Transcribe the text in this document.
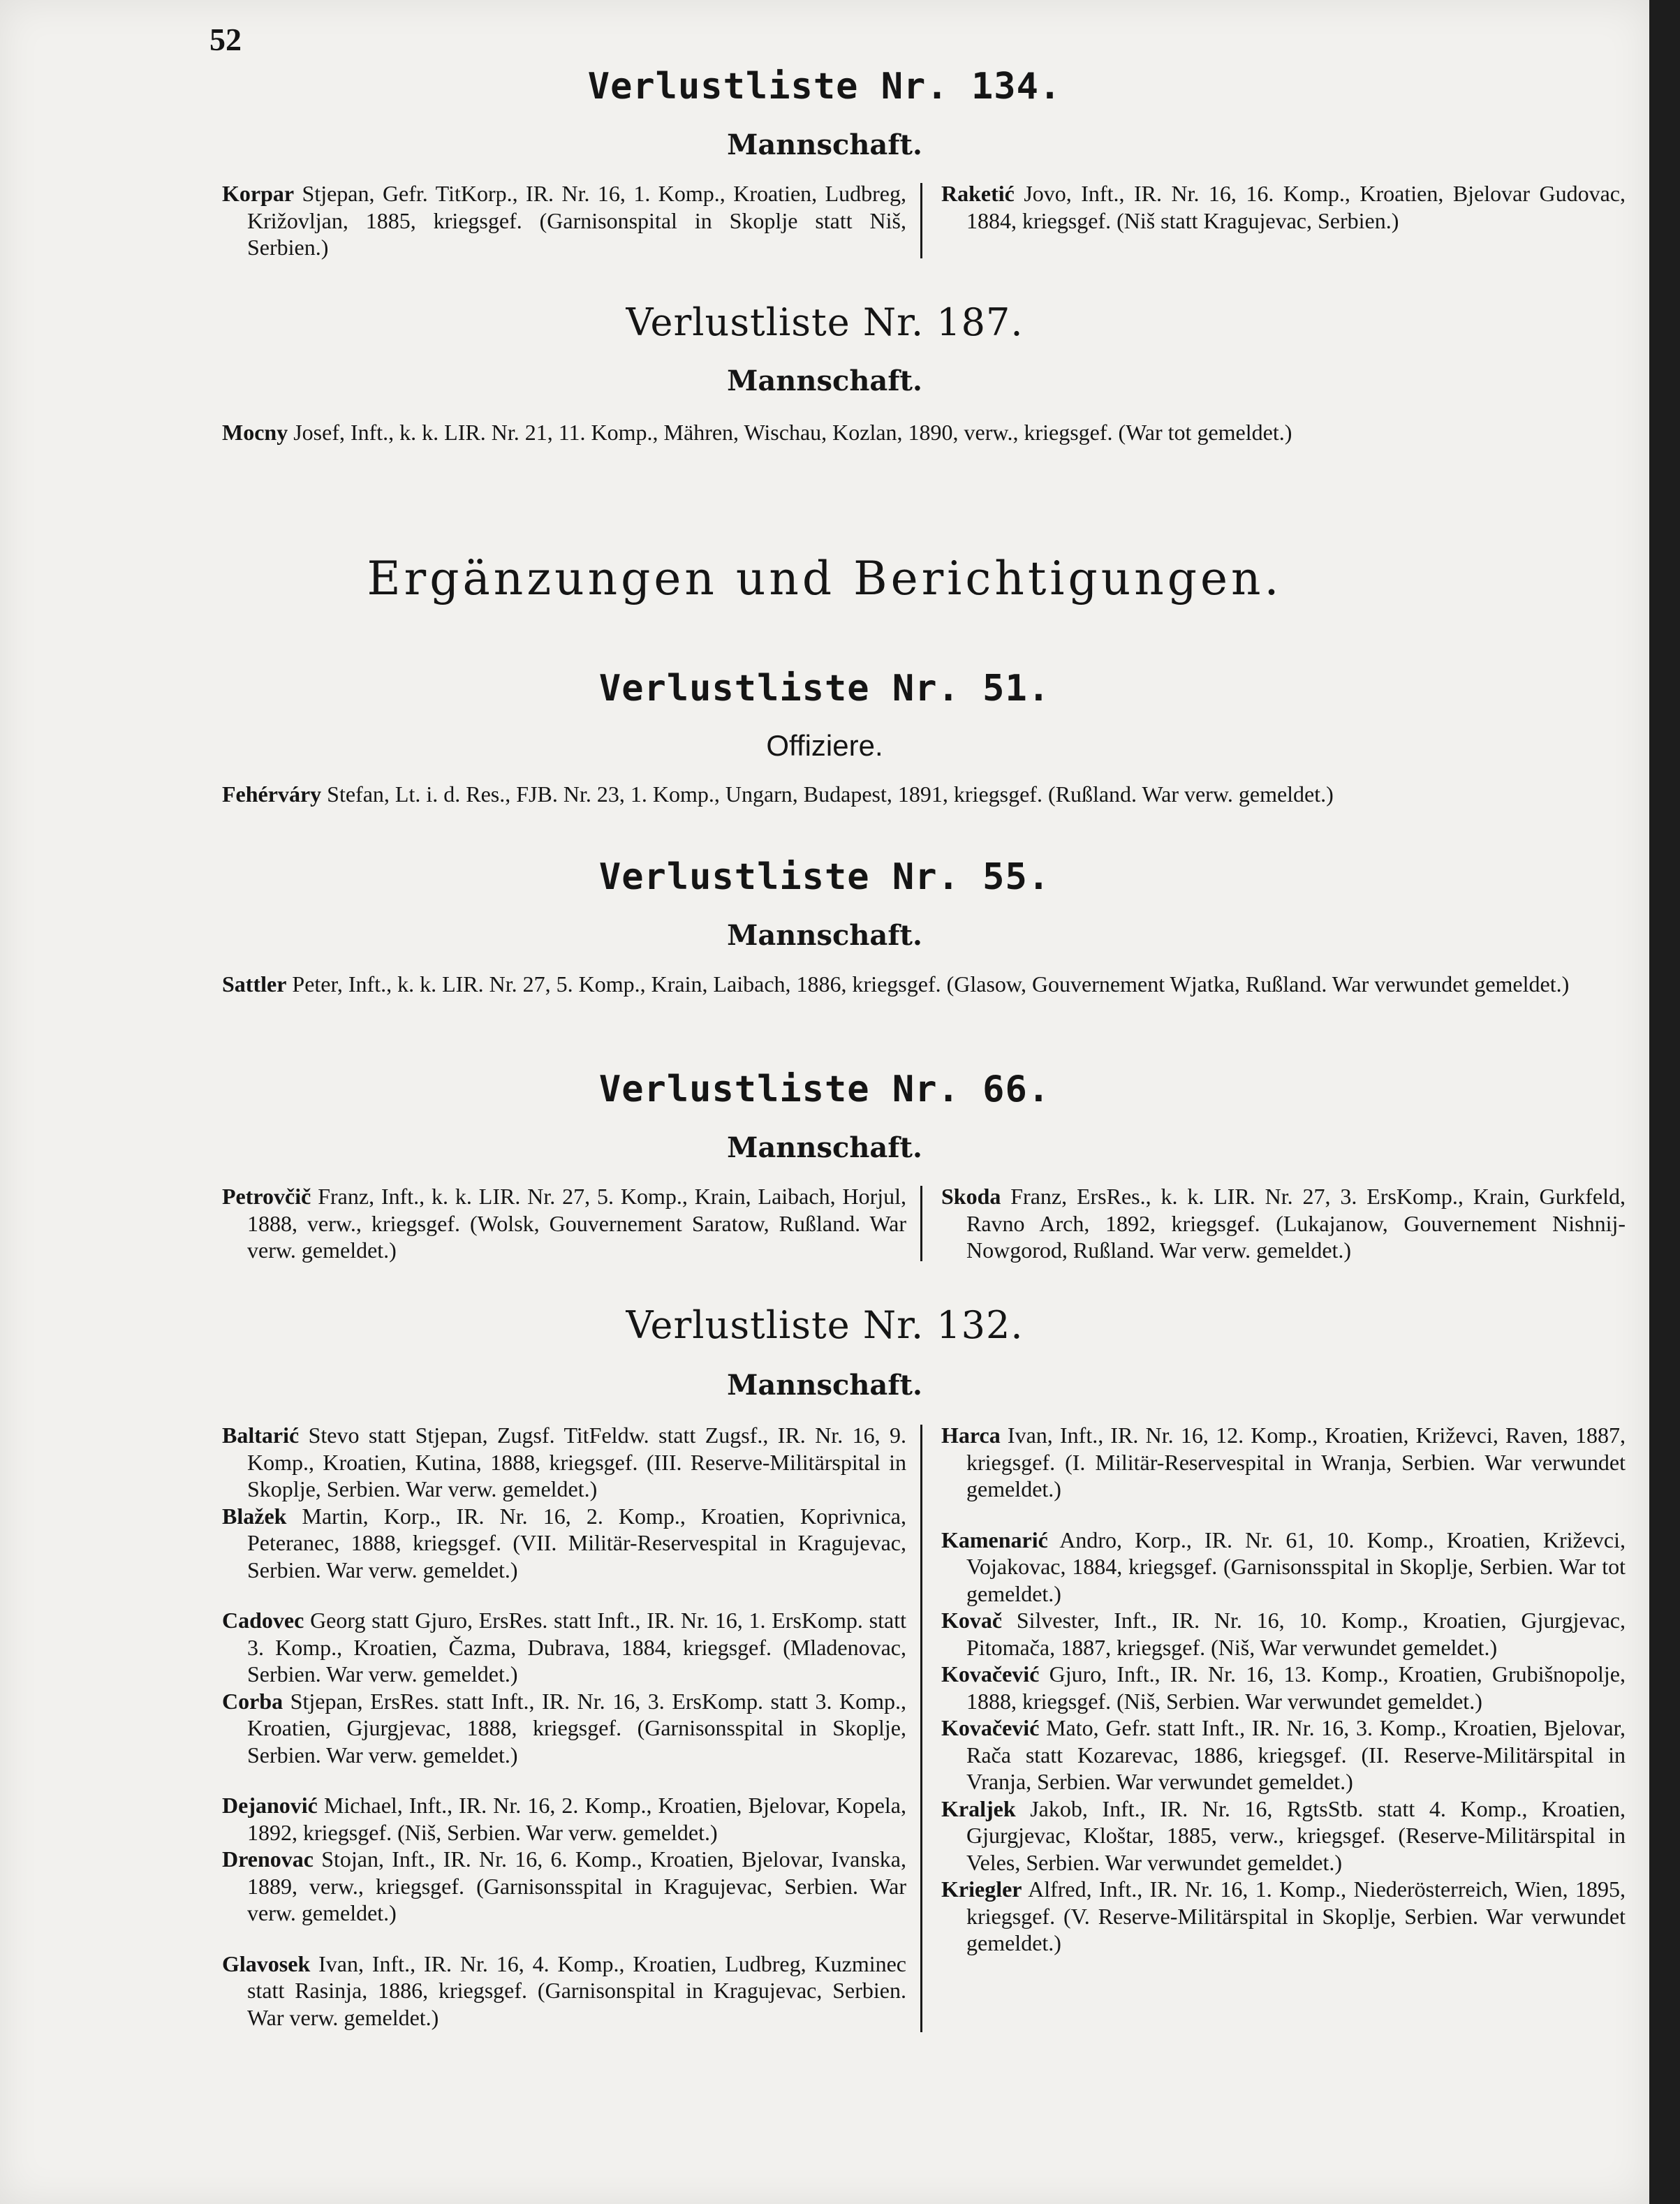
52
Verlustliste Nr. 134.
Mannschaft.
Korpar Stjepan, Gefr. TitKorp., IR. Nr. 16, 1. Komp., Kroatien, Ludbreg, Križovljan, 1885, kriegsgef. (Garnisonspital in Skoplje statt Niš, Serbien.)
Raketić Jovo, Inft., IR. Nr. 16, 16. Komp., Kroatien, Bjelovar Gudovac, 1884, kriegsgef. (Niš statt Kragujevac, Serbien.)
Verlustliste Nr. 187.
Mannschaft.
Mocny Josef, Inft., k. k. LIR. Nr. 21, 11. Komp., Mähren, Wischau, Kozlan, 1890, verw., kriegsgef. (War tot gemeldet.)
Ergänzungen und Berichtigungen.
Verlustliste Nr. 51.
Offiziere.
Fehérváry Stefan, Lt. i. d. Res., FJB. Nr. 23, 1. Komp., Ungarn, Budapest, 1891, kriegsgef. (Rußland. War verw. gemeldet.)
Verlustliste Nr. 55.
Mannschaft.
Sattler Peter, Inft., k. k. LIR. Nr. 27, 5. Komp., Krain, Laibach, 1886, kriegsgef. (Glasow, Gouvernement Wjatka, Rußland. War verwundet gemeldet.)
Verlustliste Nr. 66.
Mannschaft.
Petrovčič Franz, Inft., k. k. LIR. Nr. 27, 5. Komp., Krain, Laibach, Horjul, 1888, verw., kriegsgef. (Wolsk, Gouvernement Saratow, Rußland. War verw. gemeldet.)
Skoda Franz, ErsRes., k. k. LIR. Nr. 27, 3. ErsKomp., Krain, Gurkfeld, Ravno Arch, 1892, kriegsgef. (Lukajanow, Gouvernement Nishnij-Nowgorod, Rußland. War verw. gemeldet.)
Verlustliste Nr. 132.
Mannschaft.
Baltarić Stevo statt Stjepan, Zugsf. TitFeldw. statt Zugsf., IR. Nr. 16, 9. Komp., Kroatien, Kutina, 1888, kriegsgef. (III. Reserve-Militärspital in Skoplje, Serbien. War verw. gemeldet.)
Blažek Martin, Korp., IR. Nr. 16, 2. Komp., Kroatien, Koprivnica, Peteranec, 1888, kriegsgef. (VII. Militär-Reservespital in Kragujevac, Serbien. War verw. gemeldet.)
Cadovec Georg statt Gjuro, ErsRes. statt Inft., IR. Nr. 16, 1. ErsKomp. statt 3. Komp., Kroatien, Čazma, Dubrava, 1884, kriegsgef. (Mladenovac, Serbien. War verw. gemeldet.)
Corba Stjepan, ErsRes. statt Inft., IR. Nr. 16, 3. ErsKomp. statt 3. Komp., Kroatien, Gjurgjevac, 1888, kriegsgef. (Garnisonsspital in Skoplje, Serbien. War verw. gemeldet.)
Dejanović Michael, Inft., IR. Nr. 16, 2. Komp., Kroatien, Bjelovar, Kopela, 1892, kriegsgef. (Niš, Serbien. War verw. gemeldet.)
Drenovac Stojan, Inft., IR. Nr. 16, 6. Komp., Kroatien, Bjelovar, Ivanska, 1889, verw., kriegsgef. (Garnisonsspital in Kragujevac, Serbien. War verw. gemeldet.)
Glavosek Ivan, Inft., IR. Nr. 16, 4. Komp., Kroatien, Ludbreg, Kuzminec statt Rasinja, 1886, kriegsgef. (Garnisonspital in Kragujevac, Serbien. War verw. gemeldet.)
Harca Ivan, Inft., IR. Nr. 16, 12. Komp., Kroatien, Križevci, Raven, 1887, kriegsgef. (I. Militär-Reservespital in Wranja, Serbien. War verwundet gemeldet.)
Kamenarić Andro, Korp., IR. Nr. 61, 10. Komp., Kroatien, Križevci, Vojakovac, 1884, kriegsgef. (Garnisonsspital in Skoplje, Serbien. War tot gemeldet.)
Kovač Silvester, Inft., IR. Nr. 16, 10. Komp., Kroatien, Gjurgjevac, Pitomača, 1887, kriegsgef. (Niš, War verwundet gemeldet.)
Kovačević Gjuro, Inft., IR. Nr. 16, 13. Komp., Kroatien, Grubišnopolje, 1888, kriegsgef. (Niš, Serbien. War verwundet gemeldet.)
Kovačević Mato, Gefr. statt Inft., IR. Nr. 16, 3. Komp., Kroatien, Bjelovar, Rača statt Kozarevac, 1886, kriegsgef. (II. Reserve-Militärspital in Vranja, Serbien. War verwundet gemeldet.)
Kraljek Jakob, Inft., IR. Nr. 16, RgtsStb. statt 4. Komp., Kroatien, Gjurgjevac, Kloštar, 1885, verw., kriegsgef. (Reserve-Militärspital in Veles, Serbien. War verwundet gemeldet.)
Kriegler Alfred, Inft., IR. Nr. 16, 1. Komp., Niederösterreich, Wien, 1895, kriegsgef. (V. Reserve-Militärspital in Skoplje, Serbien. War verwundet gemeldet.)
